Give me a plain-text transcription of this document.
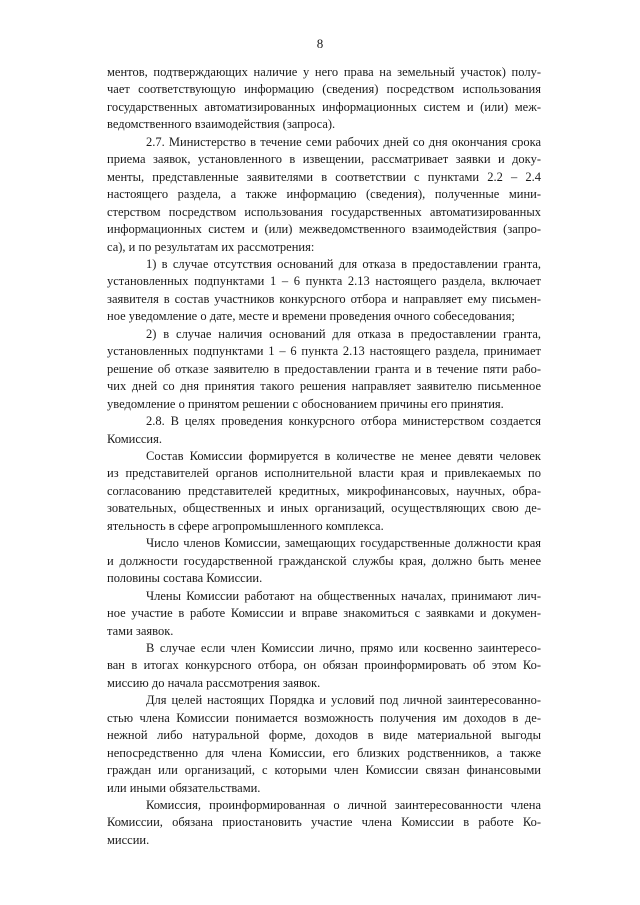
8
ментов, подтверждающих наличие у него права на земельный участок) полу-
чает соответствующую информацию (сведения) посредством использования
государственных автоматизированных информационных систем и (или) меж-
ведомственного взаимодействия (запроса).
2.7. Министерство в течение семи рабочих дней со дня окончания срока
приема заявок, установленного в извещении, рассматривает заявки и доку-
менты, представленные заявителями в соответствии с пунктами 2.2 – 2.4
настоящего раздела, а также информацию (сведения), полученные мини-
стерством посредством использования государственных автоматизированных
информационных систем и (или) межведомственного взаимодействия (запро-
са), и по результатам их рассмотрения:
1) в случае отсутствия оснований для отказа в предоставлении гранта,
установленных подпунктами 1 – 6 пункта 2.13 настоящего раздела, включает
заявителя в состав участников конкурсного отбора и направляет ему письмен-
ное уведомление о дате, месте и времени проведения очного собеседования;
2) в случае наличия оснований для отказа в предоставлении гранта,
установленных подпунктами 1 – 6 пункта 2.13 настоящего раздела, принимает
решение об отказе заявителю в предоставлении гранта и в течение пяти рабо-
чих дней со дня принятия такого решения направляет заявителю письменное
уведомление о принятом решении с обоснованием причины его принятия.
2.8. В целях проведения конкурсного отбора министерством создается
Комиссия.
Состав Комиссии формируется в количестве не менее девяти человек
из представителей органов исполнительной власти края и привлекаемых по
согласованию представителей кредитных, микрофинансовых, научных, обра-
зовательных, общественных и иных организаций, осуществляющих свою де-
ятельность в сфере агропромышленного комплекса.
Число членов Комиссии, замещающих государственные должности края
и должности государственной гражданской службы края, должно быть менее
половины состава Комиссии.
Члены Комиссии работают на общественных началах, принимают лич-
ное участие в работе Комиссии и вправе знакомиться с заявками и докумен-
тами заявок.
В случае если член Комиссии лично, прямо или косвенно заинтересо-
ван в итогах конкурсного отбора, он обязан проинформировать об этом Ко-
миссию до начала рассмотрения заявок.
Для целей настоящих Порядка и условий под личной заинтересованно-
стью члена Комиссии понимается возможность получения им доходов в де-
нежной либо натуральной форме, доходов в виде материальной выгоды
непосредственно для члена Комиссии, его близких родственников, а также
граждан или организаций, с которыми член Комиссии связан финансовыми
или иными обязательствами.
Комиссия, проинформированная о личной заинтересованности члена
Комиссии, обязана приостановить участие члена Комиссии в работе Ко-
миссии.
